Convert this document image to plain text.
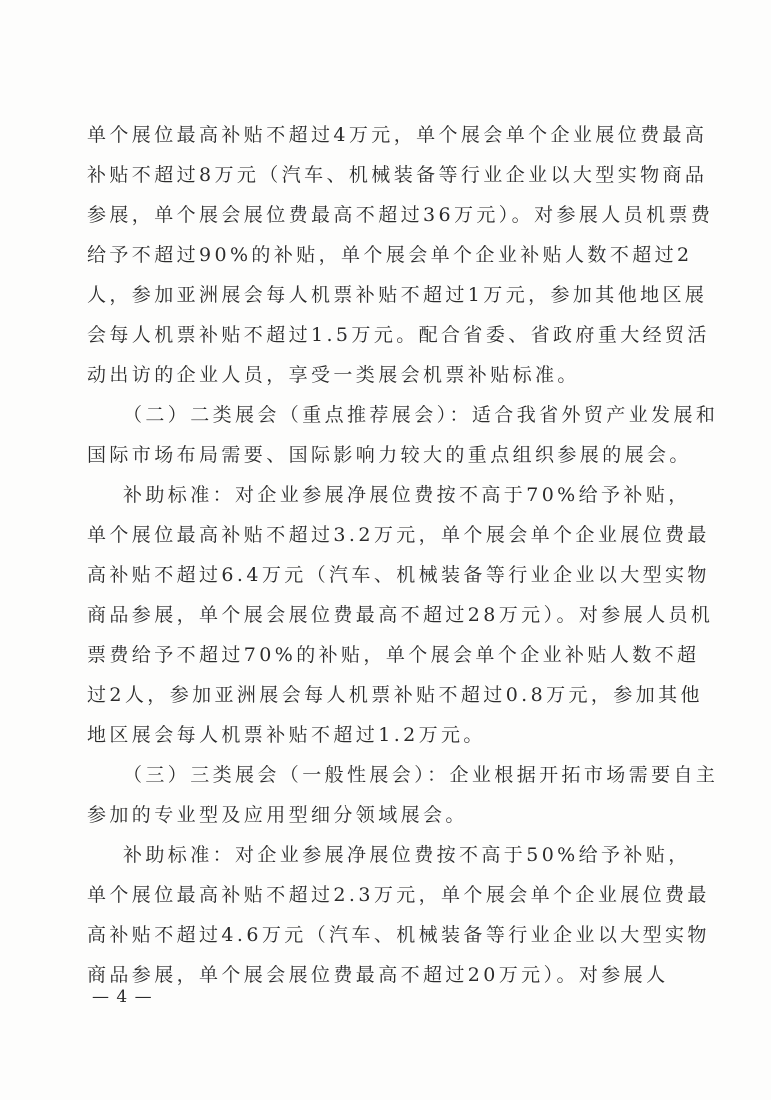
单个展位最高补贴不超过4万元，单个展会单个企业展位费最高

补贴不超过8万元（汽车、机械装备等行业企业以大型实物商品

参展，单个展会展位费最高不超过36万元）。对参展人员机票费

给予不超过90%的补贴，单个展会单个企业补贴人数不超过2

人，参加亚洲展会每人机票补贴不超过1万元，参加其他地区展

会每人机票补贴不超过1.5万元。配合省委、省政府重大经贸活

动出访的企业人员，享受一类展会机票补贴标准。

（二）二类展会（重点推荐展会）：适合我省外贸产业发展和

国际市场布局需要、国际影响力较大的重点组织参展的展会。

补助标准：对企业参展净展位费按不高于70%给予补贴，

单个展位最高补贴不超过3.2万元，单个展会单个企业展位费最

高补贴不超过6.4万元（汽车、机械装备等行业企业以大型实物

商品参展，单个展会展位费最高不超过28万元）。对参展人员机

票费给予不超过70%的补贴，单个展会单个企业补贴人数不超

过2人，参加亚洲展会每人机票补贴不超过0.8万元，参加其他

地区展会每人机票补贴不超过1.2万元。

（三）三类展会（一般性展会）：企业根据开拓市场需要自主

参加的专业型及应用型细分领域展会。

补助标准：对企业参展净展位费按不高于50%给予补贴，

单个展位最高补贴不超过2.3万元，单个展会单个企业展位费最

高补贴不超过4.6万元（汽车、机械装备等行业企业以大型实物

商品参展，单个展会展位费最高不超过20万元）。对参展人

— 4 —
